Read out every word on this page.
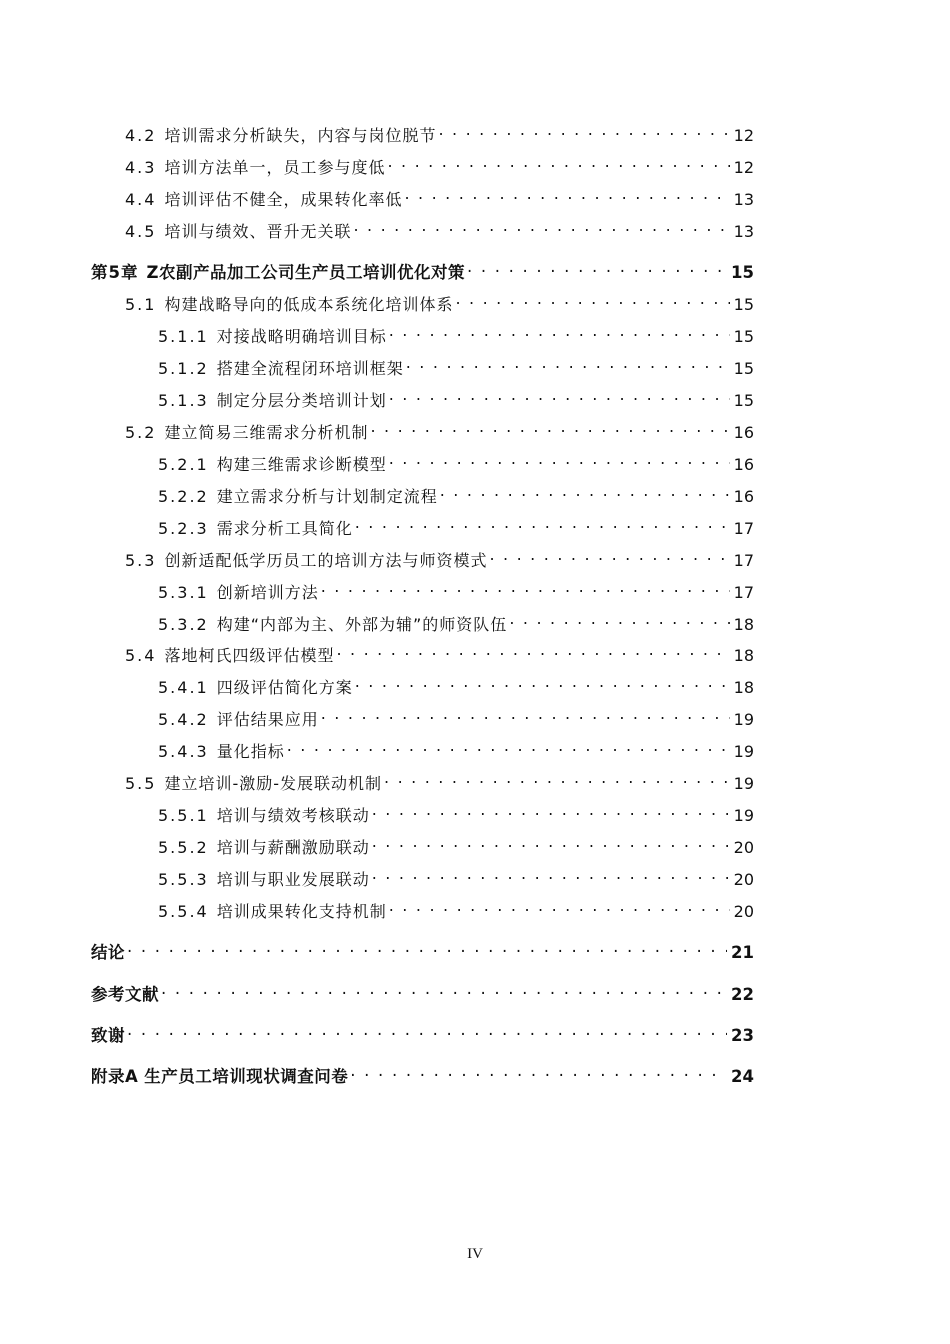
4.2 培训需求分析缺失，内容与岗位脱节 . . .	12
4.3 培训方法单一，员工参与度低 . . .	12
4.4 培训评估不健全，成果转化率低 . . .	13
4.5 培训与绩效、晋升无关联 . . .	13
第5章 Z农副产品加工公司生产员工培训优化对策 . . .	15
5.1 构建战略导向的低成本系统化培训体系 . . .	15
5.1.1 对接战略明确培训目标 . . .	15
5.1.2 搭建全流程闭环培训框架 . . .	15
5.1.3 制定分层分类培训计划 . . .	15
5.2 建立简易三维需求分析机制 . . .	16
5.2.1 构建三维需求诊断模型 . . .	16
5.2.2 建立需求分析与计划制定流程 . . .	16
5.2.3 需求分析工具简化 . . .	17
5.3 创新适配低学历员工的培训方法与师资模式 . . .	17
5.3.1 创新培训方法 . . .	17
5.3.2 构建“内部为主、外部为辅”的师资队伍 . . .	18
5.4 落地柯氏四级评估模型 . . .	18
5.4.1 四级评估简化方案 . . .	18
5.4.2 评估结果应用 . . .	19
5.4.3 量化指标 . . .	19
5.5 建立培训-激励-发展联动机制 . . .	19
5.5.1 培训与绩效考核联动 . . .	19
5.5.2 培训与薪酬激励联动 . . .	20
5.5.3 培训与职业发展联动 . . .	20
5.5.4 培训成果转化支持机制 . . .	20
结论 . . .	21
参考文献 . . .	22
致谢 . . .	23
附录A 生产员工培训现状调查问卷 . . .	24
IV
